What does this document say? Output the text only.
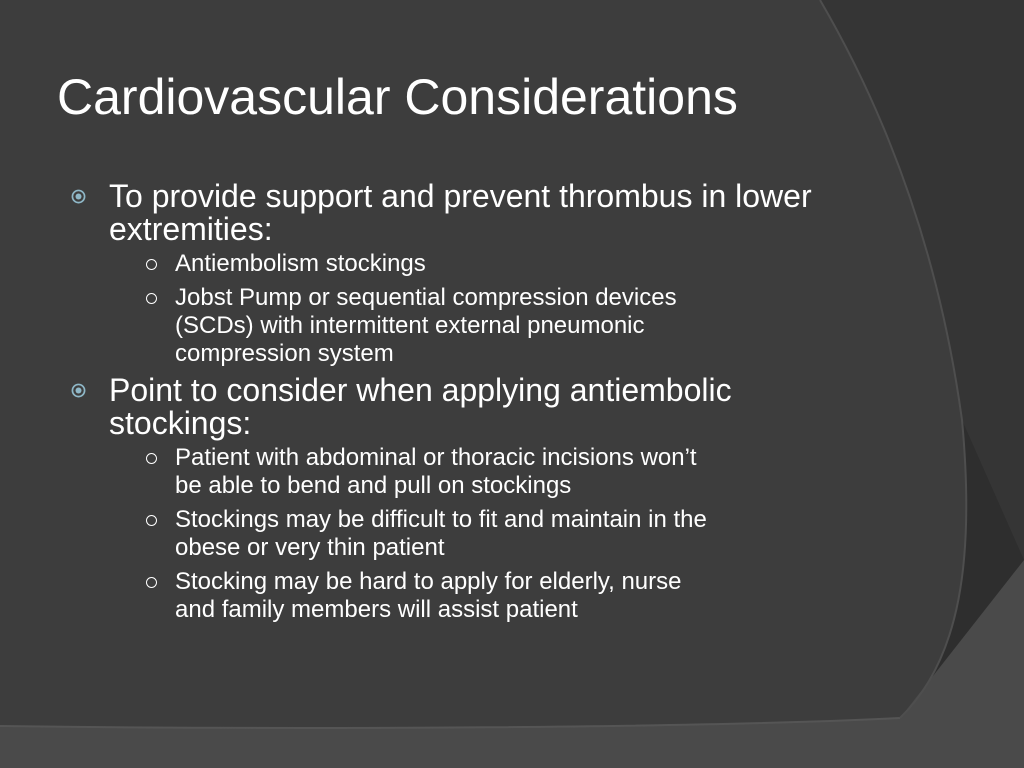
Cardiovascular Considerations
To provide support and prevent thrombus in lower extremities:
Antiembolism stockings
Jobst Pump or sequential compression devices (SCDs) with intermittent external pneumonic compression system
Point to consider when applying antiembolic stockings:
Patient with abdominal or thoracic incisions won’t be able to bend and pull on stockings
Stockings may be difficult to fit and maintain in the obese or very thin patient
Stocking may be hard to apply for elderly, nurse and family members will assist patient
